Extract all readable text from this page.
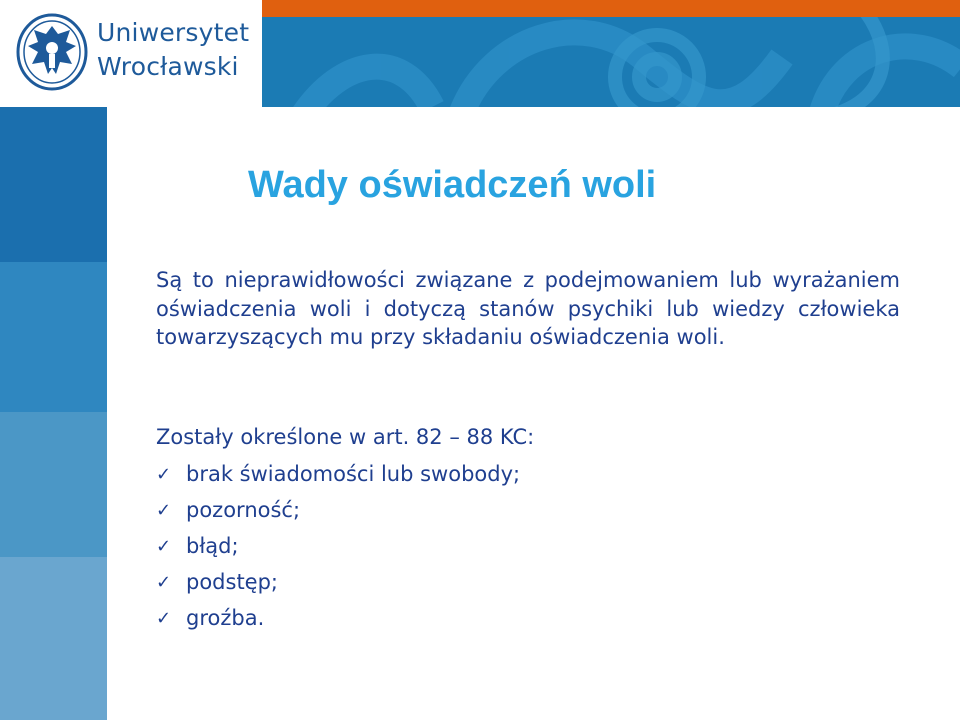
Uniwersytet
Wrocławski
Wady oświadczeń woli

Są to nieprawidłowości związane z podejmowaniem lub wyrażaniem oświadczenia woli i dotyczą stanów psychiki lub wiedzy człowieka towarzyszących mu przy składaniu oświadczenia woli.

Zostały określone w art. 82 – 88 KC:

✓ brak świadomości lub swobody;
✓ pozorność;
✓ błąd;
✓ podstęp;
✓ groźba.
